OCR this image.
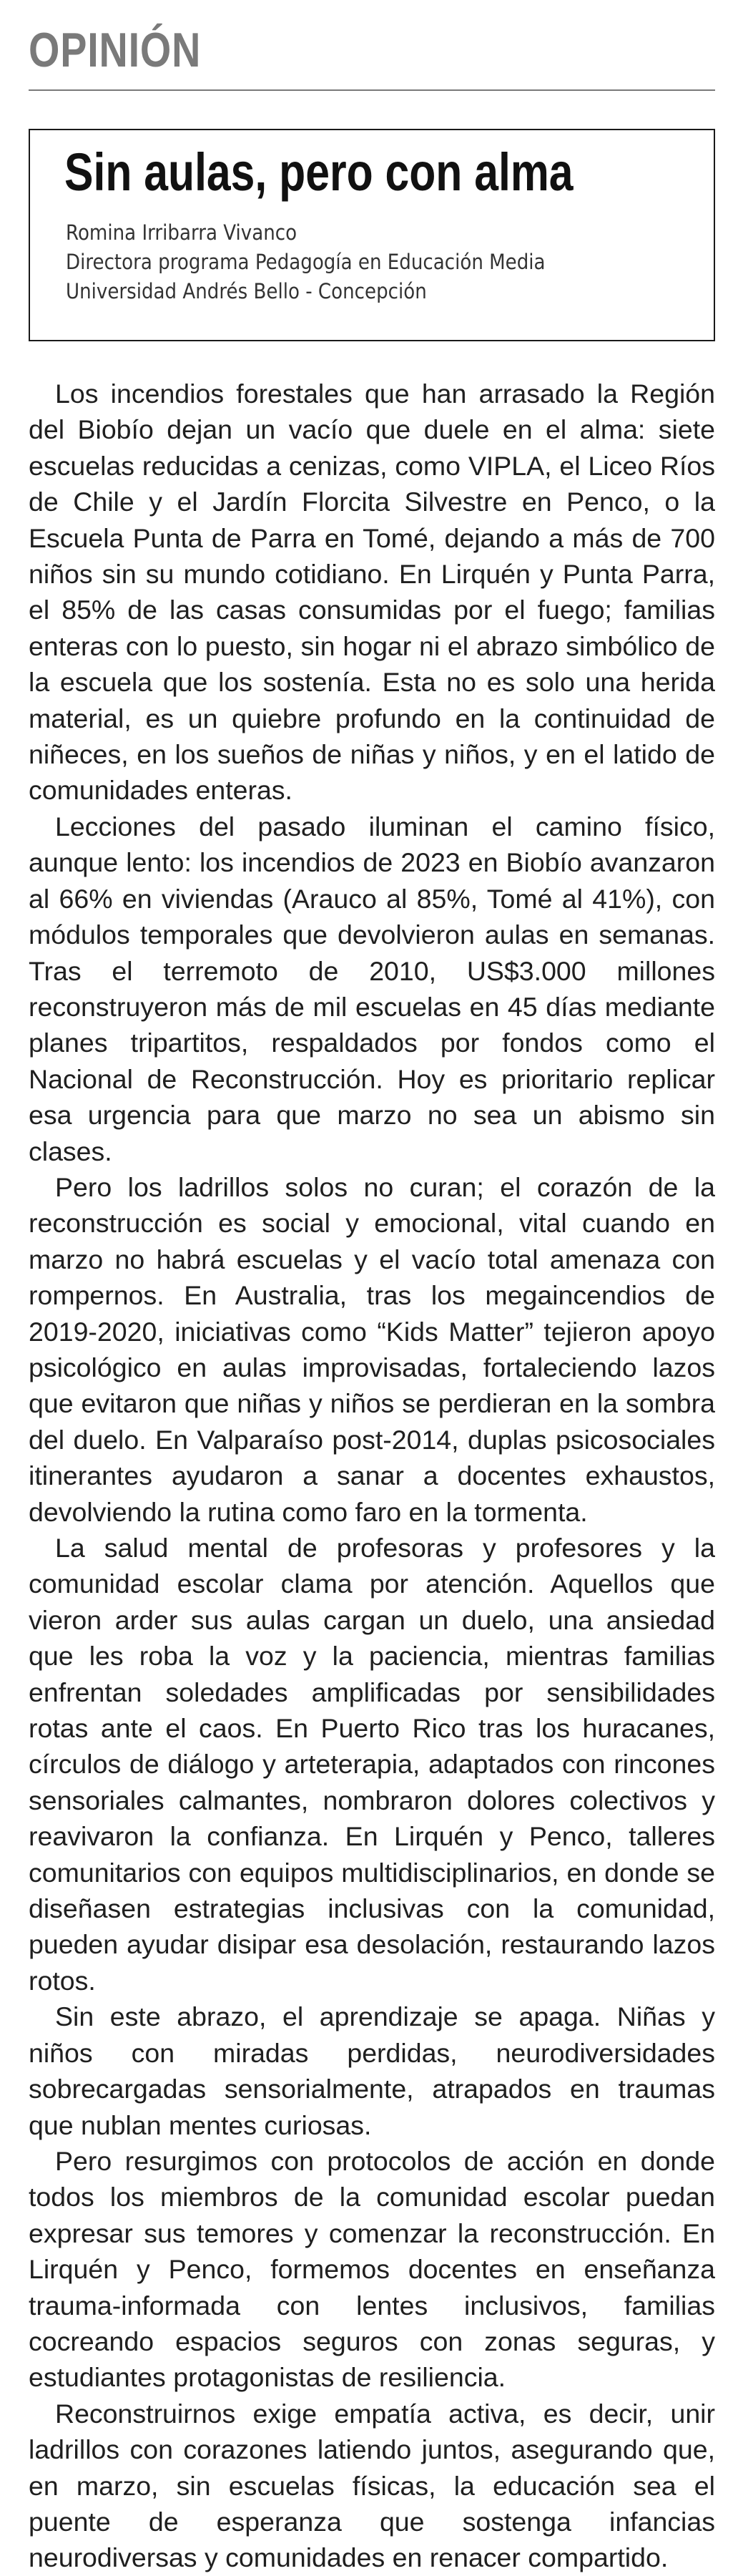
OPINIÓN
Sin aulas, pero con alma
Romina Irribarra Vivanco
Directora programa Pedagogía en Educación Media
Universidad Andrés Bello - Concepción

Los incendios forestales que han arrasado la Región del Biobío dejan un vacío que duele en el alma: siete escuelas reducidas a cenizas, como VIPLA, el Liceo Ríos de Chile y el Jardín Florcita Silvestre en Penco, o la Escuela Punta de Parra en Tomé, dejando a más de 700 niños sin su mundo cotidiano. En Lirquén y Punta Parra, el 85% de las casas consumidas por el fuego; familias enteras con lo puesto, sin hogar ni el abrazo simbólico de la escuela que los sostenía. Esta no es solo una herida material, es un quiebre profundo en la continuidad de niñeces, en los sueños de niñas y niños, y en el latido de comunidades enteras.

Lecciones del pasado iluminan el camino físico, aunque lento: los incendios de 2023 en Biobío avanzaron al 66% en viviendas (Arauco al 85%, Tomé al 41%), con módulos temporales que devolvieron aulas en semanas. Tras el terremoto de 2010, US$3.000 millones reconstruyeron más de mil escuelas en 45 días mediante planes tripartitos, respaldados por fondos como el Nacional de Reconstrucción. Hoy es prioritario replicar esa urgencia para que marzo no sea un abismo sin clases.

Pero los ladrillos solos no curan; el corazón de la reconstrucción es social y emocional, vital cuando en marzo no habrá escuelas y el vacío total amenaza con rompernos. En Australia, tras los megaincendios de 2019-2020, iniciativas como “Kids Matter” tejieron apoyo psicológico en aulas improvisadas, fortaleciendo lazos que evitaron que niñas y niños se perdieran en la sombra del duelo. En Valparaíso post-2014, duplas psicosociales itinerantes ayudaron a sanar a docentes exhaustos, devolviendo la rutina como faro en la tormenta.

La salud mental de profesoras y profesores y la comunidad escolar clama por atención. Aquellos que vieron arder sus aulas cargan un duelo, una ansiedad que les roba la voz y la paciencia, mientras familias enfrentan soledades amplificadas por sensibilidades rotas ante el caos. En Puerto Rico tras los huracanes, círculos de diálogo y arteterapia, adaptados con rincones sensoriales calmantes, nombraron dolores colectivos y reavivaron la confianza. En Lirquén y Penco, talleres comunitarios con equipos multidisciplinarios, en donde se diseñasen estrategias inclusivas con la comunidad, pueden ayudar disipar esa desolación, restaurando lazos rotos.

Sin este abrazo, el aprendizaje se apaga. Niñas y niños con miradas perdidas, neurodiversidades sobrecargadas sensorialmente, atrapados en traumas que nublan mentes curiosas.

Pero resurgimos con protocolos de acción en donde todos los miembros de la comunidad escolar puedan expresar sus temores y comenzar la reconstrucción. En Lirquén y Penco, formemos docentes en enseñanza trauma-informada con lentes inclusivos, familias cocreando espacios seguros con zonas seguras, y estudiantes protagonistas de resiliencia.

Reconstruirnos exige empatía activa, es decir, unir ladrillos con corazones latiendo juntos, asegurando que, en marzo, sin escuelas físicas, la educación sea el puente de esperanza que sostenga infancias neurodiversas y comunidades en renacer compartido.
